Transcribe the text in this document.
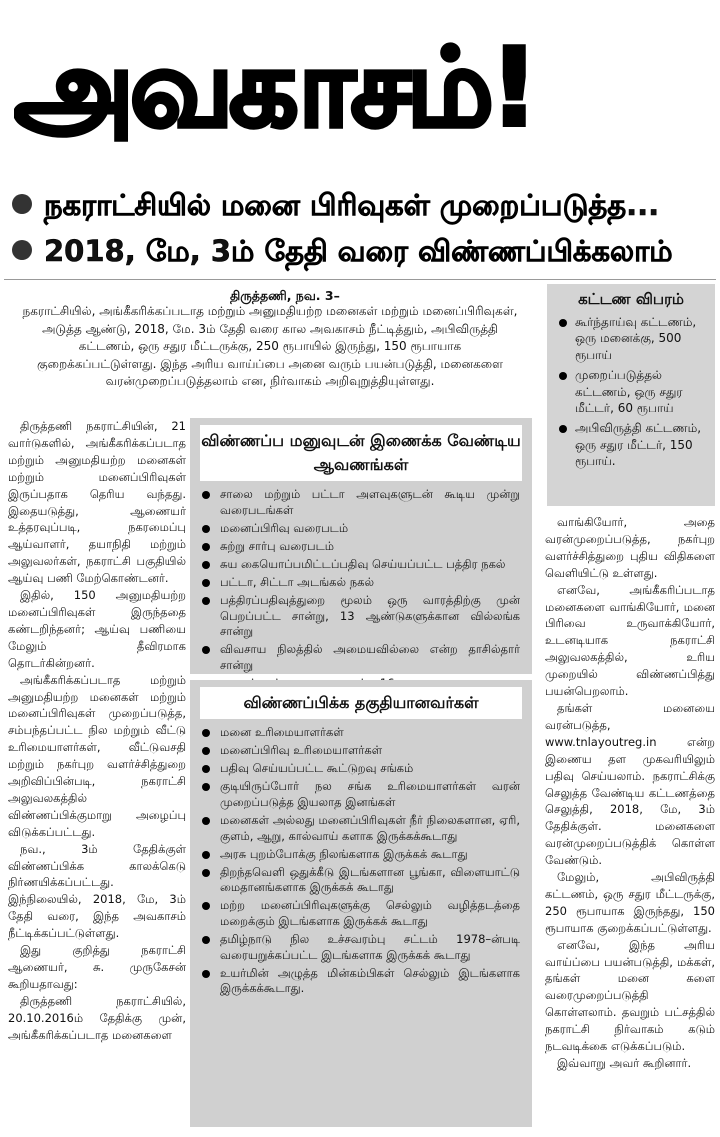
அவகாசம்!
நகராட்சியில் மனை பிரிவுகள் முறைப்படுத்த...
2018, மே, 3ம் தேதி வரை விண்ணப்பிக்கலாம்
திருத்தணி, நவ. 3–
நகராட்சியில், அங்கீகரிக்கப்படாத மற்றும் அனுமதியற்ற மனைகள் மற்றும் மனைப்பிரிவுகள், அடுத்த ஆண்டு, 2018, மே. 3ம் தேதி வரை கால அவகாசம் நீட்டித்தும், அபிவிருத்தி கட்டணம், ஒரு சதுர மீட்டருக்கு, 250 ரூபாயில் இருந்து, 150 ரூபாயாக குறைக்கப்பட்டுள்ளது. இந்த அரிய வாய்ப்பை அனை வரும் பயன்படுத்தி, மனைகளை வரன்முறைப்படுத்தலாம் என, நிர்வாகம் அறிவுறுத்தியுள்ளது.
கட்டண விபரம்
கூர்ந்தாய்வு கட்டணம், ஒரு மனைக்கு, 500 ரூபாய்
முறைப்படுத்தல் கட்டணம், ஒரு சதுர மீட்டர், 60 ரூபாய்
அபிவிருத்தி கட்டணம், ஒரு சதுர மீட்டர், 150 ரூபாய்.

திருத்தணி நகராட்சியின், 21 வார்டுகளில், அங்கீகரிக்கப்படாத மற்றும் அனுமதியற்ற மனைகள் மற்றும் மனைப்பிரிவுகள் இருப்பதாக தெரிய வந்தது. இதையடுத்து, ஆணையர் உத்தரவுப்படி, நகரமைப்பு ஆய்வாளர், தயாநிதி மற்றும் அலுவலர்கள், நகராட்சி பகுதியில் ஆய்வு பணி மேற்கொண்டனர்.

இதில், 150 அனுமதியற்ற மனைப்பிரிவுகள் இருந்ததை கண்டறிந்தனர்; ஆய்வு பணியை மேலும் தீவிரமாக தொடர்கின்றனர்.

அங்கீகரிக்கப்படாத மற்றும் அனுமதியற்ற மனைகள் மற்றும் மனைப்பிரிவுகள் முறைப்படுத்த, சம்பந்தப்பட்ட நில மற்றும் வீட்டு உரிமையாளர்கள், வீட்டுவசதி மற்றும் நகர்புற வளர்ச்சித்துறை அறிவிப்பின்படி, நகராட்சி அலுவலகத்தில் விண்ணப்பிக்குமாறு அழைப்பு விடுக்கப்பட்டது.

நவ., 3ம் தேதிக்குள் விண்ணப்பிக்க காலக்கெடு நிர்ணயிக்கப்பட்டது. இந்நிலையில், 2018, மே, 3ம் தேதி வரை, இந்த அவகாசம் நீட்டிக்கப்பட்டுள்ளது.

இது குறித்து நகராட்சி ஆணையர், சு. முருகேசன் கூறியதாவது:

திருத்தணி நகராட்சியில், 20.10.2016ம் தேதிக்கு முன், அங்கீகரிக்கப்படாத மனைகளை

விண்ணப்ப மனுவுடன் இணைக்க வேண்டிய ஆவணங்கள்
சாலை மற்றும் பட்டா அளவுகளுடன் கூடிய முன்று வரைபடங்கள்
மனைப்பிரிவு வரைபடம்
சுற்று சார்பு வரைபடம்
சுய கையொப்பமிட்டப்பதிவு செய்யப்பட்ட பத்திர நகல்
பட்டா, சிட்டா அடங்கல் நகல்
பத்திரப்பதிவுத்துறை மூலம் ஒரு வாரத்திற்கு முன் பெறப்பட்ட சான்று, 13 ஆண்டுகளுக்கான வில்லங்க சான்று
விவசாய நிலத்தில் அமையவில்லை என்ற தாசில்தார் சான்று
விண்ணப்பிக்க தகுதியானவர்கள்
மனை உரிமையாளர்கள்
மனைப்பிரிவு உரிமையாளர்கள்
பதிவு செய்யப்பட்ட கூட்டுறவு சங்கம்
குடியிருப்போர் நல சங்க உரிமையாளர்கள் வரன் முறைப்படுத்த இயலாத இனங்கள்
மனைகள் அல்லது மனைப்பிரிவுகள் நீர் நிலைகளான, ஏரி, குளம், ஆறு, கால்வாய் களாக இருக்கக்கூடாது
அரசு புறம்போக்கு நிலங்களாக இருக்கக் கூடாது
திறந்தவெளி ஒதுக்கீடு இடங்களான பூங்கா, விளையாட்டு மைதானங்களாக இருக்கக் கூடாது
மற்ற மனைப்பிரிவுகளுக்கு செல்லும் வழித்தடத்தை மறைக்கும் இடங்களாக இருக்கக் கூடாது
தமிழ்நாடு நில உச்சவரம்பு சட்டம் 1978–ன்படி வரையறுக்கப்பட்ட இடங்களாக இருக்கக் கூடாது
உயர்மின் அழுத்த மின்கம்பிகள் செல்லும் இடங்களாக இருக்கக்கூடாது.

வாங்கியோர், அதை வரன்முறைப்படுத்த, நகர்புற வளர்ச்சித்துறை புதிய விதிகளை வெளியிட்டு உள்ளது.

எனவே, அங்கீகரிப்படாத மனைகளை வாங்கியோர், மனை பிரிவை உருவாக்கியோர், உடனடியாக நகராட்சி அலுவலகத்தில், உரிய முறையில் விண்ணப்பித்து பயன்பெறலாம்.

தங்கள் மனையை வரன்படுத்த, www.tnlayoutreg.in என்ற இணைய தள முகவரியிலும் பதிவு செய்யலாம். நகராட்சிக்கு செலுத்த வேண்டிய கட்டணத்தை செலுத்தி, 2018, மே, 3ம் தேதிக்குள். மனைகளை வரன்முறைப்படுத்திக் கொள்ள வேண்டும்.

மேலும், அபிவிருத்தி கட்டணம், ஒரு சதுர மீட்டருக்கு, 250 ரூபாயாக இருந்தது, 150 ரூபாயாக குறைக்கப்பட்டுள்ளது.

எனவே, இந்த அரிய வாய்ப்பை பயன்படுத்தி, மக்கள், தங்கள் மனை களை வரைமுறைப்படுத்தி கொள்ளலாம். தவறும் பட்சத்தில் நகராட்சி நிர்வாகம் கடும் நடவடிக்கை எடுக்கப்படும்.

இவ்வாறு அவர் கூறினார்.
